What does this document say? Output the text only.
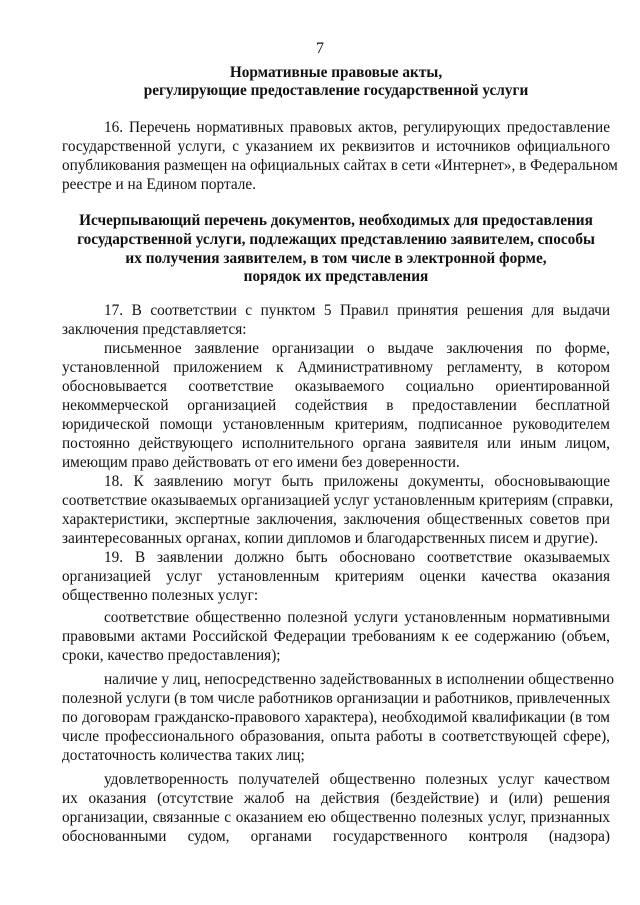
7
Нормативные правовые акты,
регулирующие предоставление государственной услуги
16. Перечень нормативных правовых актов, регулирующих предоставление
государственной услуги, с указанием их реквизитов и источников официального
опубликования размещен на официальных сайтах в сети «Интернет», в Федеральном
реестре и на Едином портале.
Исчерпывающий перечень документов, необходимых для предоставления
государственной услуги, подлежащих представлению заявителем, способы
их получения заявителем, в том числе в электронной форме,
порядок их представления
17. В соответствии с пунктом 5 Правил принятия решения для выдачи
заключения представляется:
письменное заявление организации о выдаче заключения по форме,
установленной приложением к Административному регламенту, в котором
обосновывается соответствие оказываемого социально ориентированной
некоммерческой организацией содействия в предоставлении бесплатной
юридической помощи установленным критериям, подписанное руководителем
постоянно действующего исполнительного органа заявителя или иным лицом,
имеющим право действовать от его имени без доверенности.
18. К заявлению могут быть приложены документы, обосновывающие
соответствие оказываемых организацией услуг установленным критериям (справки,
характеристики, экспертные заключения, заключения общественных советов при
заинтересованных органах, копии дипломов и благодарственных писем и другие).
19. В заявлении должно быть обосновано соответствие оказываемых
организацией услуг установленным критериям оценки качества оказания
общественно полезных услуг:
соответствие общественно полезной услуги установленным нормативными
правовыми актами Российской Федерации требованиям к ее содержанию (объем,
сроки, качество предоставления);
наличие у лиц, непосредственно задействованных в исполнении общественно
полезной услуги (в том числе работников организации и работников, привлеченных
по договорам гражданско-правового характера), необходимой квалификации (в том
числе профессионального образования, опыта работы в соответствующей сфере),
достаточность количества таких лиц;
удовлетворенность получателей общественно полезных услуг качеством
их оказания (отсутствие жалоб на действия (бездействие) и (или) решения
организации, связанные с оказанием ею общественно полезных услуг, признанных
обоснованными судом, органами государственного контроля (надзора)
